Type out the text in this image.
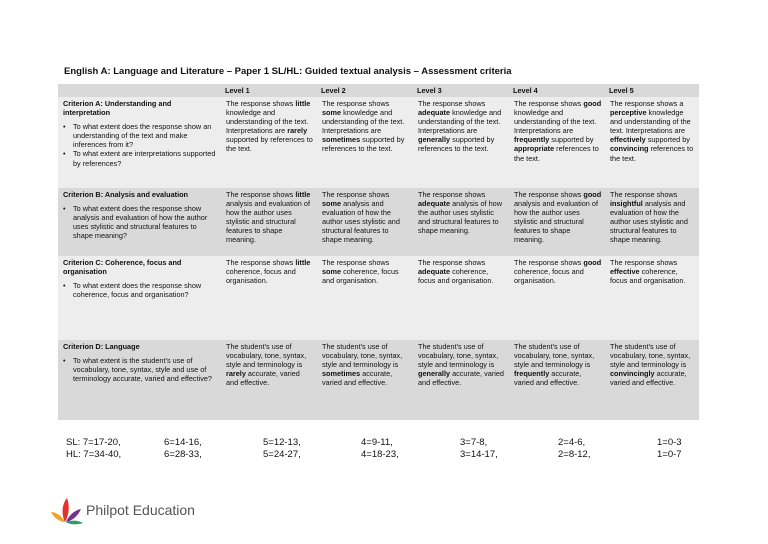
English A: Language and Literature – Paper 1 SL/HL: Guided textual analysis – Assessment criteria
	Level 1	Level 2	Level 3	Level 4	Level 5

Criterion A: Understanding and interpretation
• To what extent does the response show an understanding of the text and make inferences from it?
• To what extent are interpretations supported by references?	The response shows little knowledge and understanding of the text. Interpretations are rarely supported by references to the text.	The response shows some knowledge and understanding of the text. Interpretations are sometimes supported by references to the text.	The response shows adequate knowledge and understanding of the text. Interpretations are generally supported by references to the text.	The response shows good knowledge and understanding of the text. Interpretations are frequently supported by appropriate references to the text.	The response shows a perceptive knowledge and understanding of the text. Interpretations are effectively supported by convincing references to the text.

Criterion B: Analysis and evaluation
• To what extent does the response show analysis and evaluation of how the author uses stylistic and structural features to shape meaning?	The response shows little analysis and evaluation of how the author uses stylistic and structural features to shape meaning.	The response shows some analysis and evaluation of how the author uses stylistic and structural features to shape meaning.	The response shows adequate analysis of how the author uses stylistic and structural features to shape meaning.	The response shows good analysis and evaluation of how the author uses stylistic and structural features to shape meaning.	The response shows insightful analysis and evaluation of how the author uses stylistic and structural features to shape meaning.

Criterion C: Coherence, focus and organisation
• To what extent does the response show coherence, focus and organisation?	The response shows little coherence, focus and organisation.	The response shows some coherence, focus and organisation.	The response shows adequate coherence, focus and organisation.	The response shows good coherence, focus and organisation.	The response shows effective coherence, focus and organisation.

Criterion D: Language
• To what extent is the student’s use of vocabulary, tone, syntax, style and use of terminology accurate, varied and effective?	The student’s use of vocabulary, tone, syntax, style and terminology is rarely accurate, varied and effective.	The student’s use of vocabulary, tone, syntax, style and terminology is sometimes accurate, varied and effective.	The student’s use of vocabulary, tone, syntax, style and terminology is generally accurate, varied and effective.	The student’s use of vocabulary, tone, syntax, style and terminology is frequently accurate, varied and effective.	The student’s use of vocabulary, tone, syntax, style and terminology is convincingly accurate, varied and effective.
SL: 7=17-20,	6=14-16,	5=12-13,	4=9-11,	3=7-8,	2=4-6,	1=0-3
HL: 7=34-40,	6=28-33,	5=24-27,	4=18-23,	3=14-17,	2=8-12,	1=0-7
Philpot Education
